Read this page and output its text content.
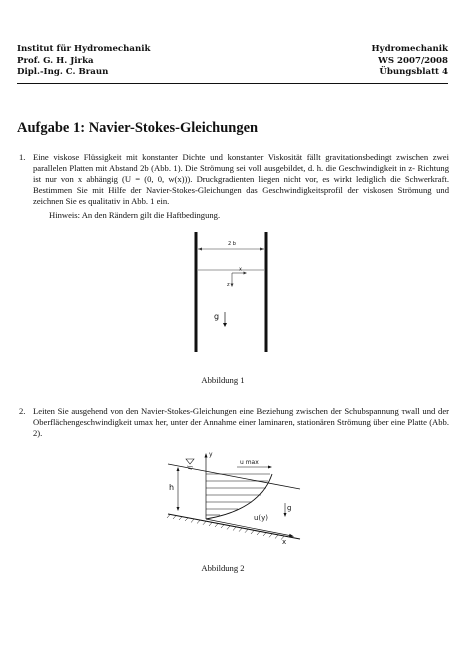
Institut für Hydromechanik
Prof. G. H. Jirka
Dipl.-Ing. C. Braun
Hydromechanik
WS 2007/2008
Übungsblatt 4
Aufgabe 1: Navier-Stokes-Gleichungen
1. Eine viskose Flüssigkeit mit konstanter Dichte und konstanter Viskosität fällt gravitationsbedingt zwischen zwei parallelen Platten mit Abstand 2b (Abb. 1). Die Strömung sei voll ausgebildet, d. h. die Geschwindigkeit in z- Richtung ist nur von x abhängig (U = (0, 0, w(x))). Druckgradienten liegen nicht vor, es wirkt lediglich die Schwerkraft. Bestimmen Sie mit Hilfe der Navier-Stokes-Gleichungen das Geschwindigkeitsprofil der viskosen Strömung und zeichnen Sie es qualitativ in Abb. 1 ein.
Hinweis: An den Rändern gilt die Haftbedingung.
2 b
x
z
g
Abbildung 1
2. Leiten Sie ausgehend von den Navier-Stokes-Gleichungen eine Beziehung zwischen der Schubspannung τwall und der Oberflächengeschwindigkeit umax her, unter der Annahme einer laminaren, stationären Strömung über eine Platte (Abb. 2).
h
y
u max
u(y)
g
x
Abbildung 2
